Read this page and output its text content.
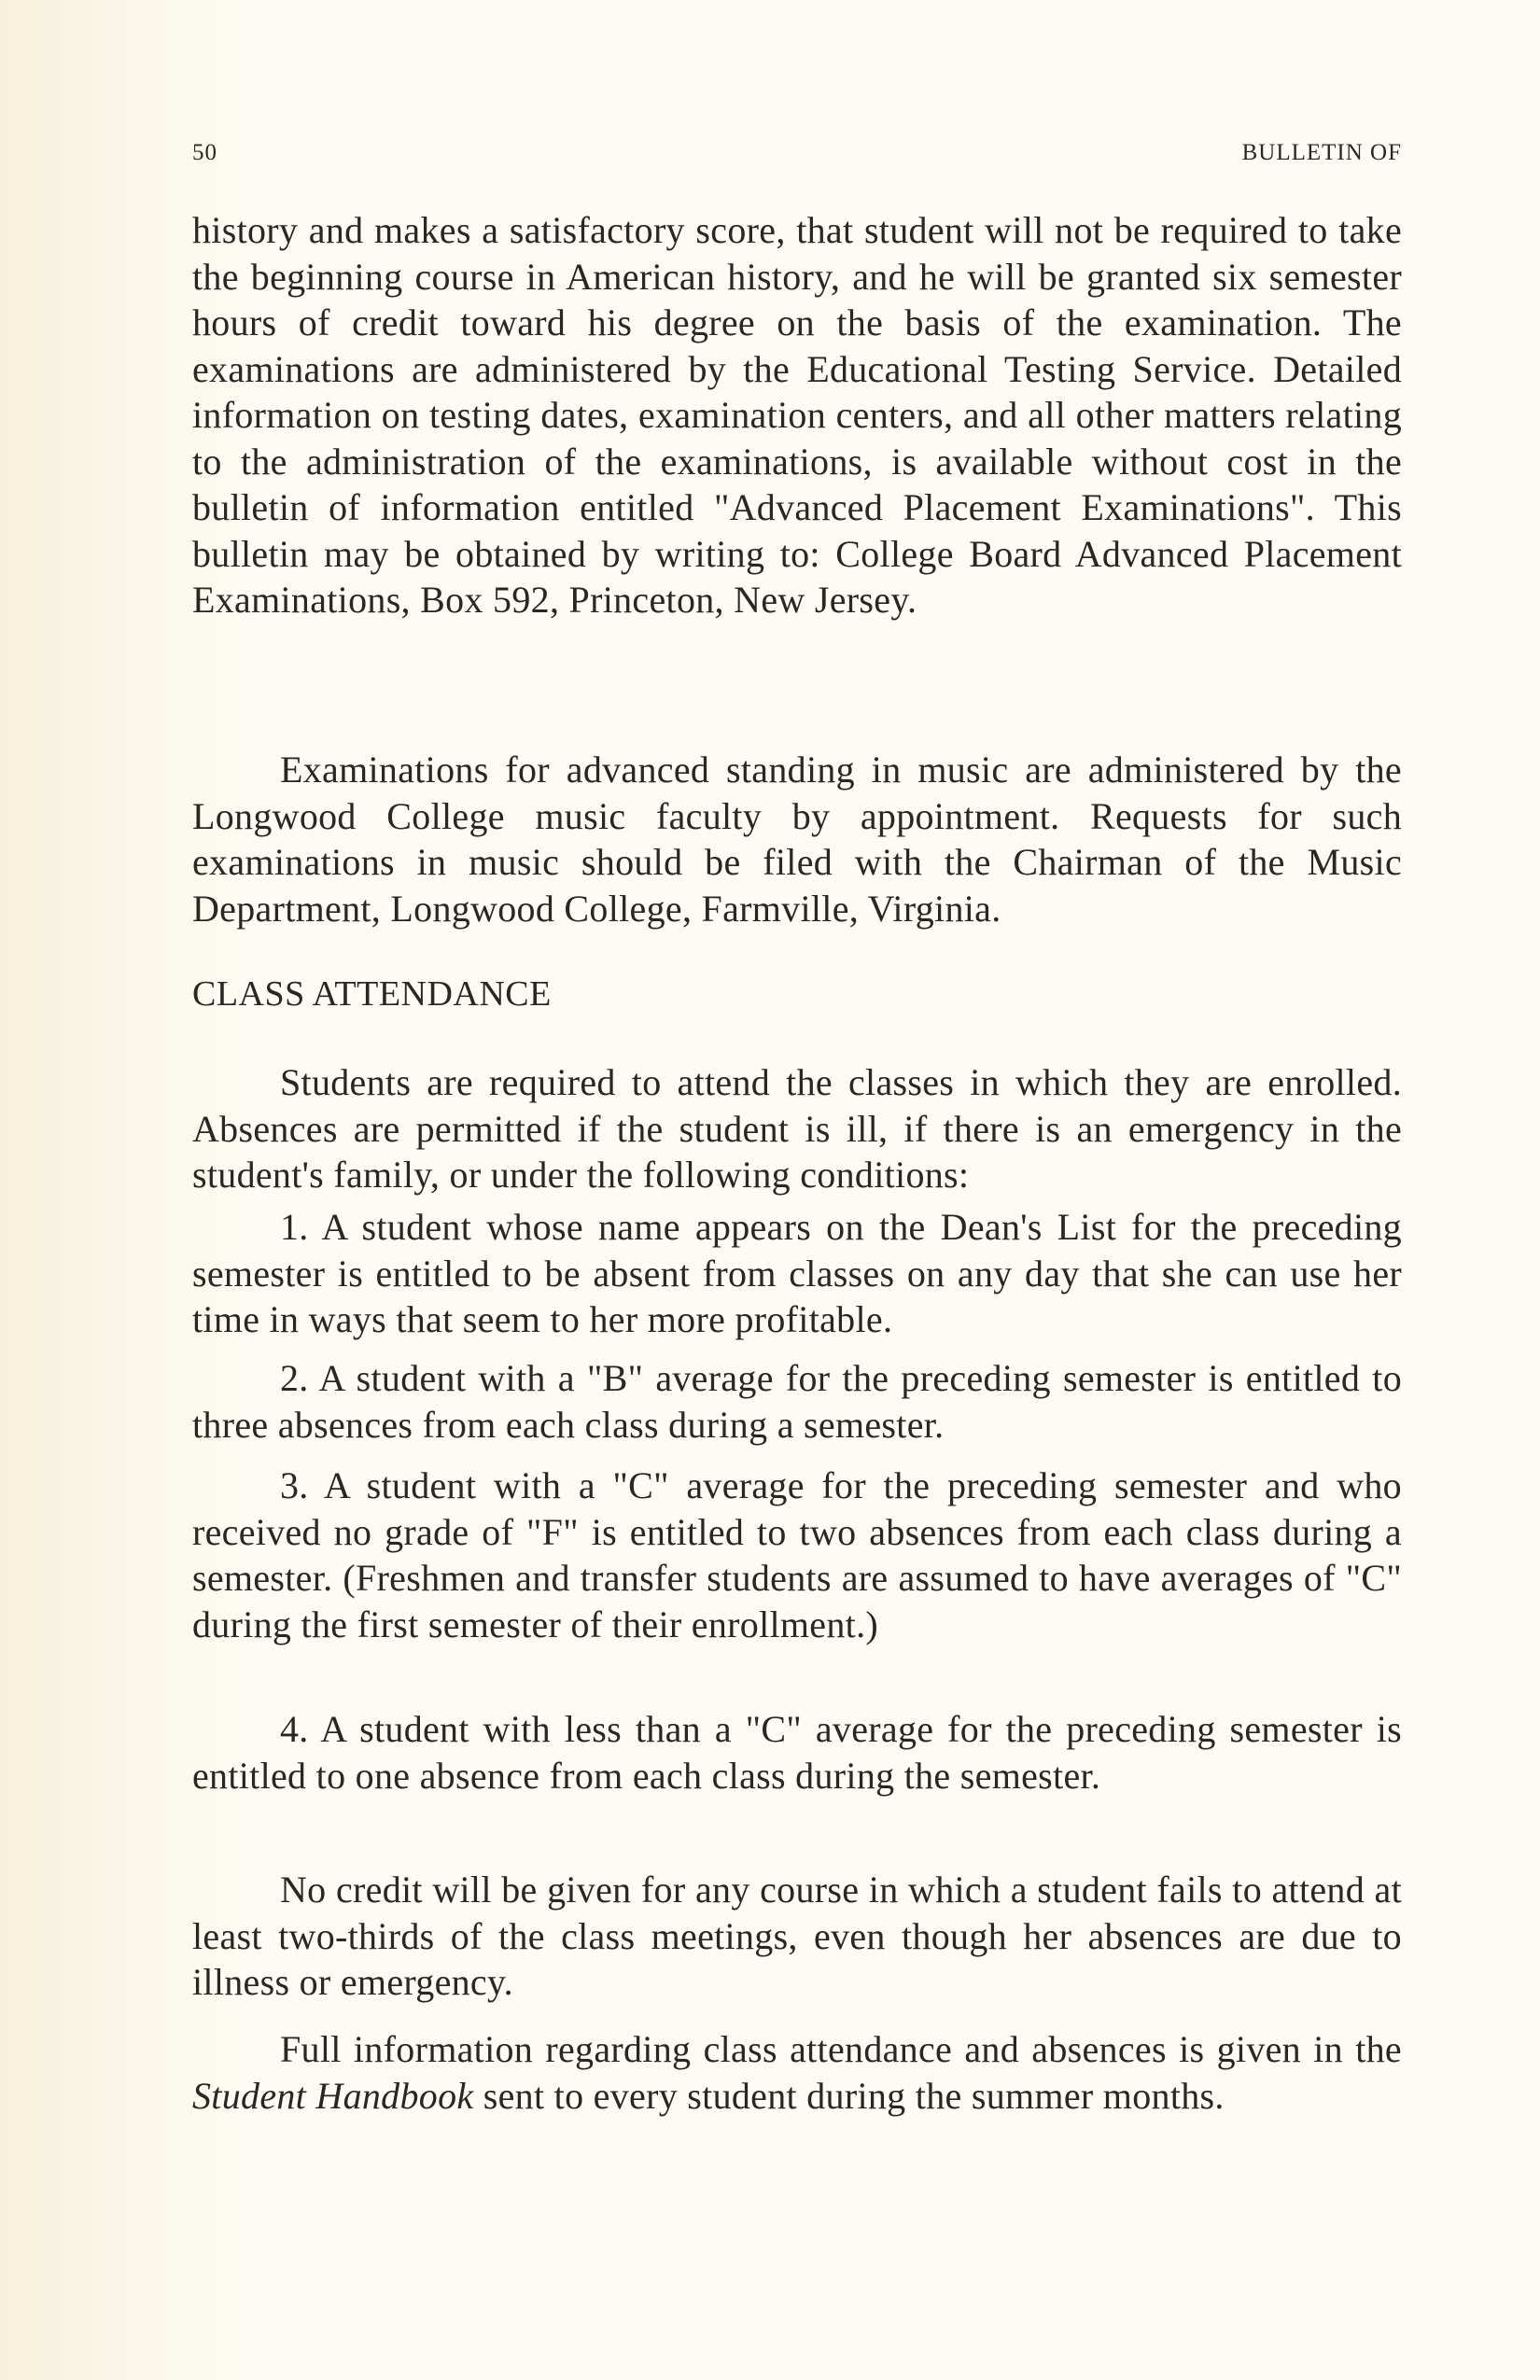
50	BULLETIN OF

history and makes a satisfactory score, that student will not be required to take the beginning course in American history, and he will be granted six semester hours of credit toward his degree on the basis of the examination. The examinations are administered by the Educational Testing Service. Detailed information on testing dates, examination centers, and all other matters relating to the administration of the examinations, is available without cost in the bulletin of information entitled "Advanced Placement Examinations". This bulletin may be obtained by writing to: College Board Advanced Placement Examinations, Box 592, Princeton, New Jersey.

Examinations for advanced standing in music are administered by the Longwood College music faculty by appointment. Requests for such examinations in music should be filed with the Chairman of the Music Department, Longwood College, Farmville, Virginia.

CLASS ATTENDANCE

Students are required to attend the classes in which they are enrolled. Absences are permitted if the student is ill, if there is an emergency in the student's family, or under the following conditions:

1. A student whose name appears on the Dean's List for the preceding semester is entitled to be absent from classes on any day that she can use her time in ways that seem to her more profitable.

2. A student with a "B" average for the preceding semester is entitled to three absences from each class during a semester.

3. A student with a "C" average for the preceding semester and who received no grade of "F" is entitled to two absences from each class during a semester. (Freshmen and transfer students are assumed to have averages of "C" during the first semester of their enrollment.)

4. A student with less than a "C" average for the preceding semester is entitled to one absence from each class during the semester.

No credit will be given for any course in which a student fails to attend at least two-thirds of the class meetings, even though her absences are due to illness or emergency.

Full information regarding class attendance and absences is given in the Student Handbook sent to every student during the summer months.
